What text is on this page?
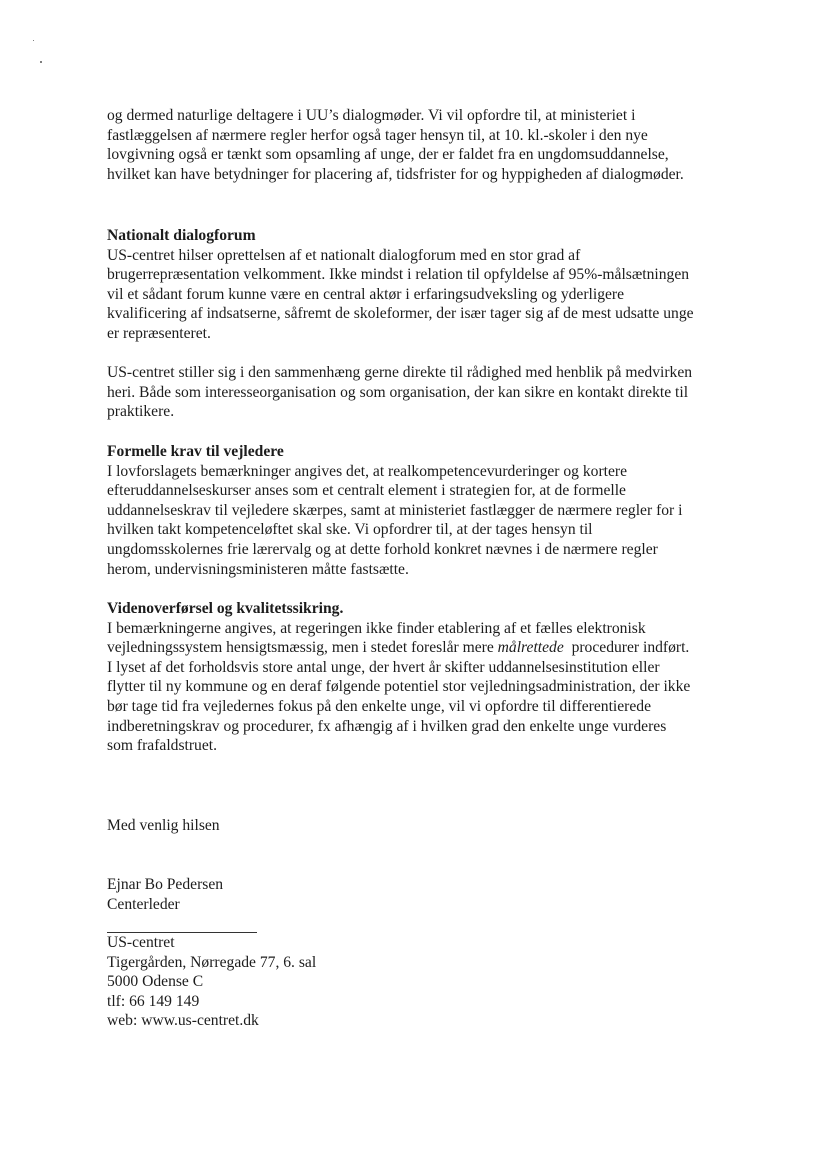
og dermed naturlige deltagere i UU’s dialogmøder. Vi vil opfordre til, at ministeriet i
fastlæggelsen af nærmere regler herfor også tager hensyn til, at 10. kl.-skoler i den nye
lovgivning også er tænkt som opsamling af unge, der er faldet fra en ungdomsuddannelse,
hvilket kan have betydninger for placering af, tidsfrister for og hyppigheden af dialogmøder.
Nationalt dialogforum
US-centret hilser oprettelsen af et nationalt dialogforum med en stor grad af
brugerrepræsentation velkomment. Ikke mindst i relation til opfyldelse af 95%-målsætningen
vil et sådant forum kunne være en central aktør i erfaringsudveksling og yderligere
kvalificering af indsatserne, såfremt de skoleformer, der især tager sig af de mest udsatte unge
er repræsenteret.
US-centret stiller sig i den sammenhæng gerne direkte til rådighed med henblik på medvirken
heri. Både som interesseorganisation og som organisation, der kan sikre en kontakt direkte til
praktikere.
Formelle krav til vejledere
I lovforslagets bemærkninger angives det, at realkompetencevurderinger og kortere
efteruddannelseskurser anses som et centralt element i strategien for, at de formelle
uddannelseskrav til vejledere skærpes, samt at ministeriet fastlægger de nærmere regler for i
hvilken takt kompetenceløftet skal ske. Vi opfordrer til, at der tages hensyn til
ungdomsskolernes frie lærervalg og at dette forhold konkret nævnes i de nærmere regler
herom, undervisningsministeren måtte fastsætte.
Videnoverførsel og kvalitetssikring.
I bemærkningerne angives, at regeringen ikke finder etablering af et fælles elektronisk
vejledningssystem hensigtsmæssig, men i stedet foreslår mere målrettede  procedurer indført.
I lyset af det forholdsvis store antal unge, der hvert år skifter uddannelsesinstitution eller
flytter til ny kommune og en deraf følgende potentiel stor vejledningsadministration, der ikke
bør tage tid fra vejledernes fokus på den enkelte unge, vil vi opfordre til differentierede
indberetningskrav og procedurer, fx afhængig af i hvilken grad den enkelte unge vurderes
som frafaldstruet.
Med venlig hilsen
Ejnar Bo Pedersen
Centerleder
US-centret
Tigergården, Nørregade 77, 6. sal
5000 Odense C
tlf: 66 149 149
web: www.us-centret.dk
